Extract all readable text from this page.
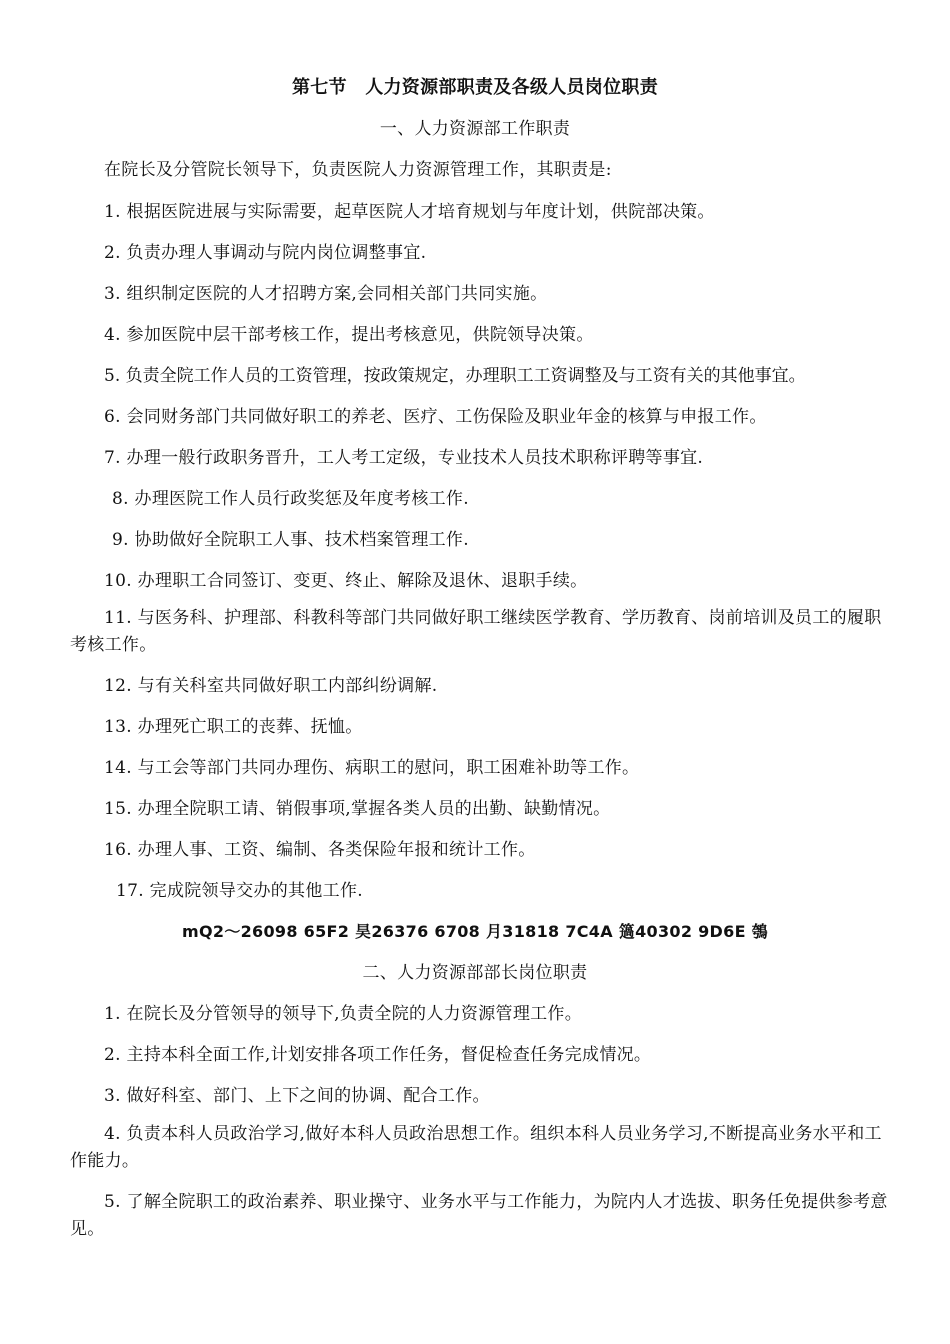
第七节　人力资源部职责及各级人员岗位职责
一、人力资源部工作职责
在院长及分管院长领导下，负责医院人力资源管理工作，其职责是:
1. 根据医院进展与实际需要，起草医院人才培育规划与年度计划，供院部决策。
2. 负责办理人事调动与院内岗位调整事宜.
3. 组织制定医院的人才招聘方案,会同相关部门共同实施。
4. 参加医院中层干部考核工作，提出考核意见，供院领导决策。
5. 负责全院工作人员的工资管理，按政策规定，办理职工工资调整及与工资有关的其他事宜。
6. 会同财务部门共同做好职工的养老、医疗、工伤保险及职业年金的核算与申报工作。
7. 办理一般行政职务晋升，工人考工定级，专业技术人员技术职称评聘等事宜.
8. 办理医院工作人员行政奖惩及年度考核工作.
9. 协助做好全院职工人事、技术档案管理工作.
10. 办理职工合同签订、变更、终止、解除及退休、退职手续。
11. 与医务科、护理部、科教科等部门共同做好职工继续医学教育、学历教育、岗前培训及员工的履职考核工作。
12. 与有关科室共同做好职工内部纠纷调解.
13. 办理死亡职工的丧葬、抚恤。
14. 与工会等部门共同办理伤、病职工的慰问，职工困难补助等工作。
15. 办理全院职工请、销假事项,掌握各类人员的出勤、缺勤情况。
16. 办理人事、工资、编制、各类保险年报和统计工作。
17. 完成院领导交办的其他工作.
mQ2～26098 65F2 昊26376 6708 月31818 7C4A 簻40302 9D6E 鴮
二、人力资源部部长岗位职责
1. 在院长及分管领导的领导下,负责全院的人力资源管理工作。
2. 主持本科全面工作,计划安排各项工作任务，督促检查任务完成情况。
3. 做好科室、部门、上下之间的协调、配合工作。
4. 负责本科人员政治学习,做好本科人员政治思想工作。组织本科人员业务学习,不断提高业务水平和工作能力。
5. 了解全院职工的政治素养、职业操守、业务水平与工作能力，为院内人才选拔、职务任免提供参考意见。
